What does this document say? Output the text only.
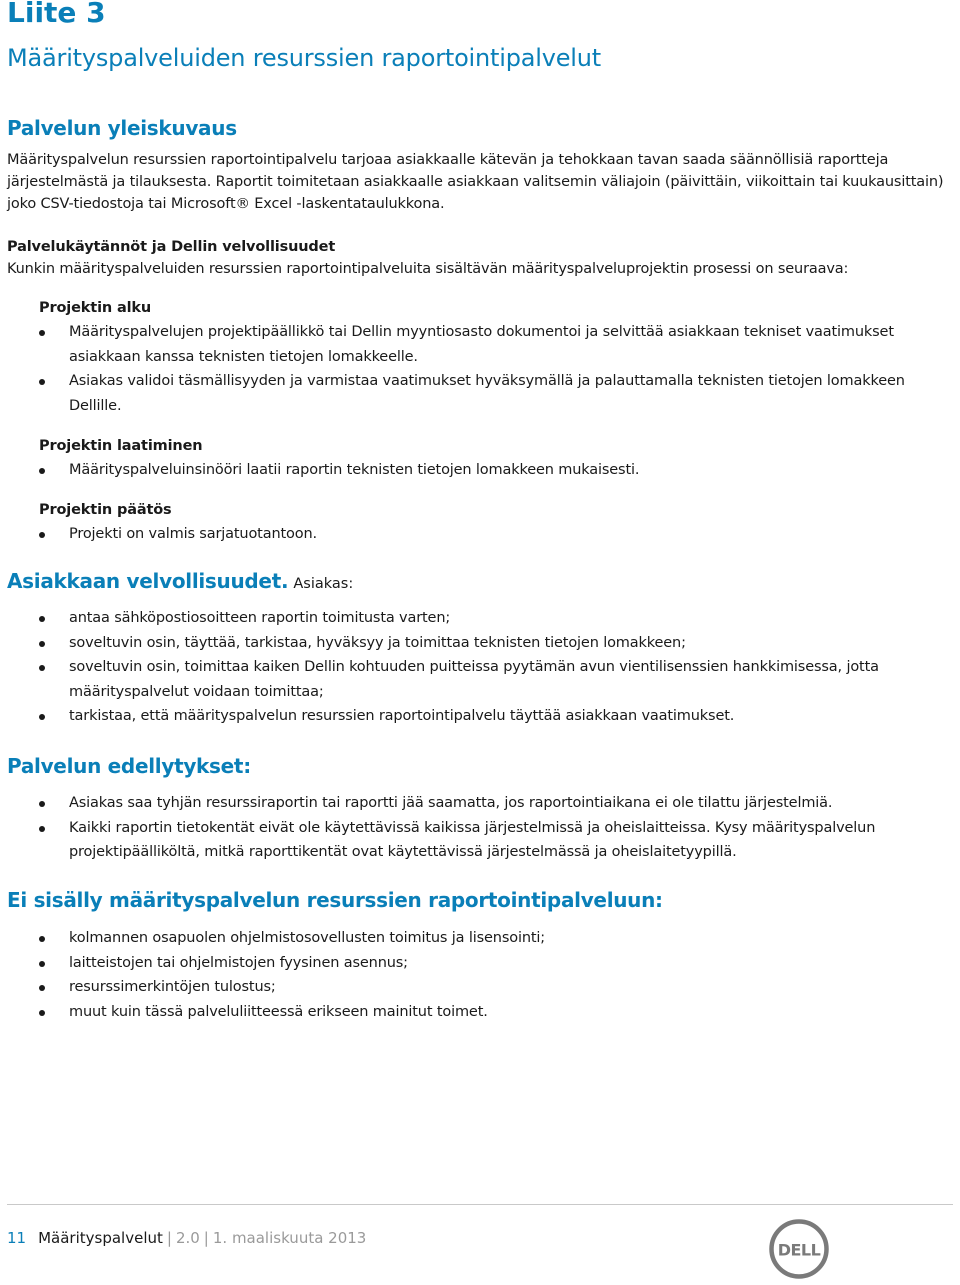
Liite 3
Määrityspalveluiden resurssien raportointipalvelut
Palvelun yleiskuvaus

Määrityspalvelun resurssien raportointipalvelu tarjoaa asiakkaalle kätevän ja tehokkaan tavan saada säännöllisiä raportteja järjestelmästä ja tilauksesta. Raportit toimitetaan asiakkaalle asiakkaan valitsemin väliajoin (päivittäin, viikoittain tai kuukausittain) joko CSV-tiedostoja tai Microsoft® Excel -laskentataulukkona.

Palvelukäytännöt ja Dellin velvollisuudet

Kunkin määrityspalveluiden resurssien raportointipalveluita sisältävän määrityspalveluprojektin prosessi on seuraava:

Projektin alku

Määrityspalvelujen projektipäällikkö tai Dellin myyntiosasto dokumentoi ja selvittää asiakkaan tekniset vaatimukset asiakkaan kanssa teknisten tietojen lomakkeelle.
Asiakas validoi täsmällisyyden ja varmistaa vaatimukset hyväksymällä ja palauttamalla teknisten tietojen lomakkeen Dellille.

Projektin laatiminen

Määrityspalveluinsinööri laatii raportin teknisten tietojen lomakkeen mukaisesti.

Projektin päätös

Projekti on valmis sarjatuotantoon.
Asiakkaan velvollisuudet. Asiakas:
antaa sähköpostiosoitteen raportin toimitusta varten;
soveltuvin osin, täyttää, tarkistaa, hyväksyy ja toimittaa teknisten tietojen lomakkeen;
soveltuvin osin, toimittaa kaiken Dellin kohtuuden puitteissa pyytämän avun vientilisenssien hankkimisessa, jotta määrityspalvelut voidaan toimittaa;
tarkistaa, että määrityspalvelun resurssien raportointipalvelu täyttää asiakkaan vaatimukset.
Palvelun edellytykset:
Asiakas saa tyhjän resurssiraportin tai raportti jää saamatta, jos raportointiaikana ei ole tilattu järjestelmiä.
Kaikki raportin tietokentät eivät ole käytettävissä kaikissa järjestelmissä ja oheislaitteissa. Kysy määrityspalvelun projektipäälliköltä, mitkä raporttikentät ovat käytettävissä järjestelmässä ja oheislaitetyypillä.
Ei sisälly määrityspalvelun resurssien raportointipalveluun:
kolmannen osapuolen ohjelmistosovellusten toimitus ja lisensointi;
laitteistojen tai ohjelmistojen fyysinen asennus;
resurssimerkintöjen tulostus;
muut kuin tässä palveluliitteessä erikseen mainitut toimet.
11 Määrityspalvelut | 2.0 | 1. maaliskuuta 2013
DELL
